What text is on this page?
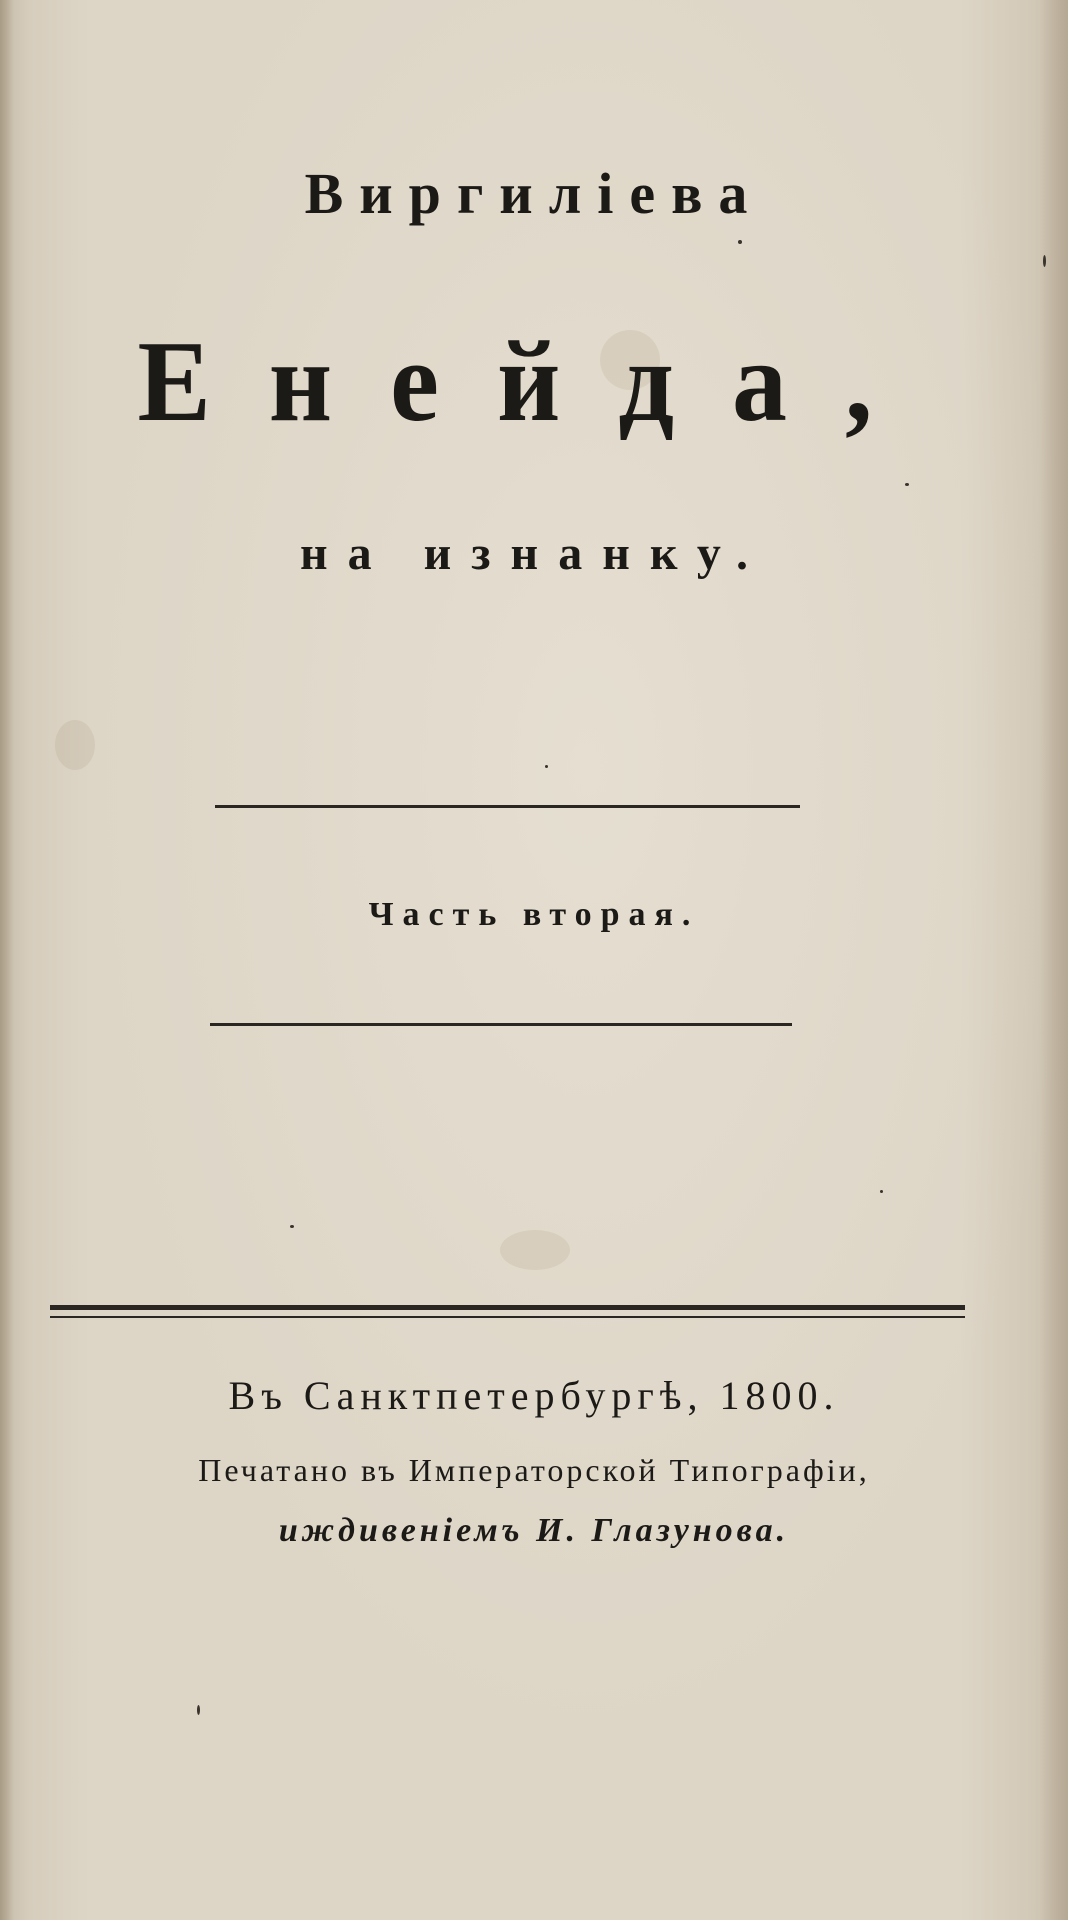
Виргилiева
Енейда,
на изнанку.
Часть вторая.
Въ Санктпетербургѣ, 1800.
Печатано въ Императорской Типографiи,
иждивенiемъ И. Глазунова.
